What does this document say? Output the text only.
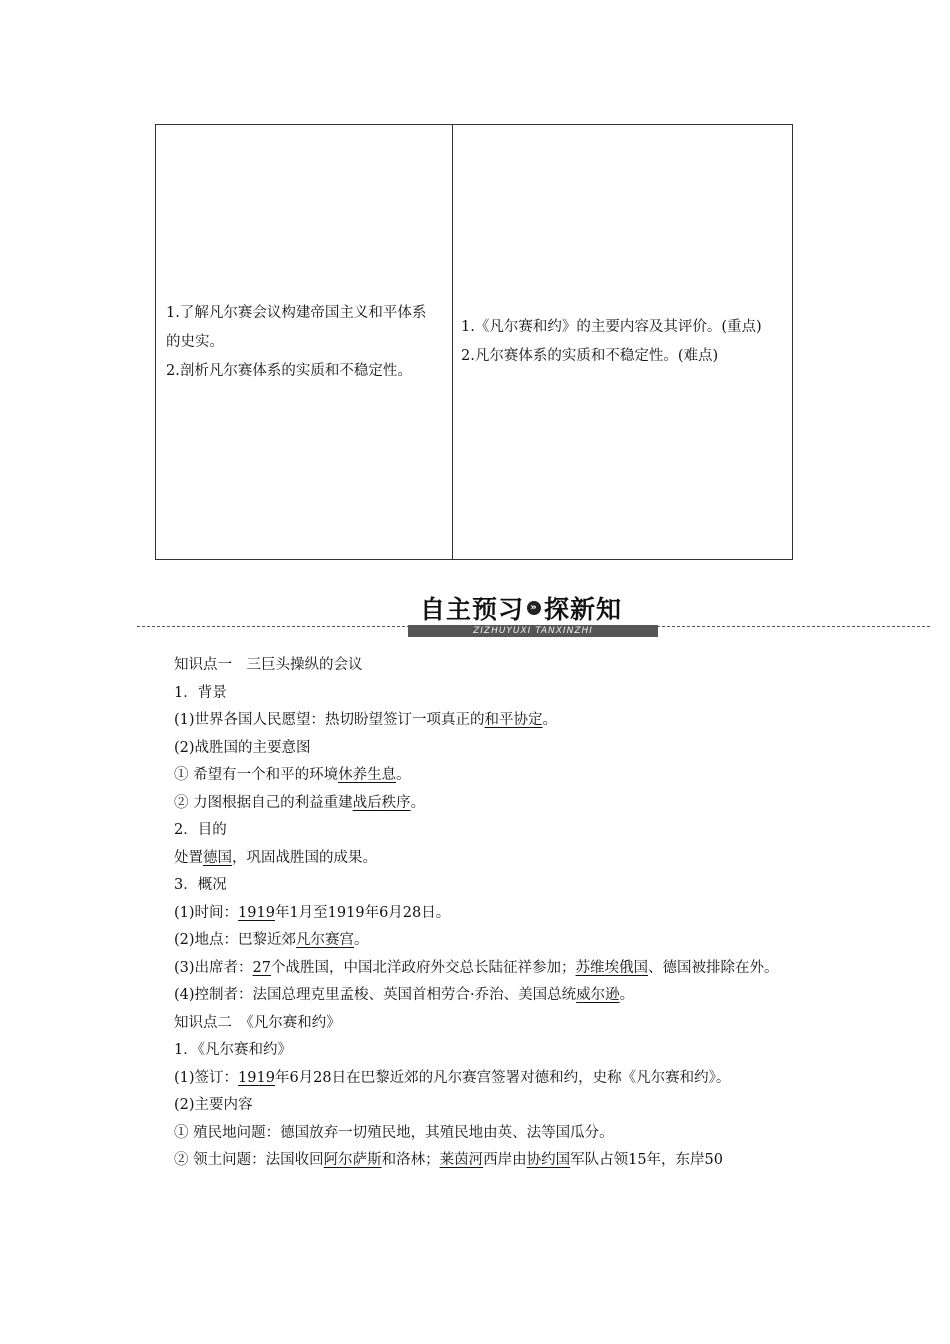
1.了解凡尔赛会议构建帝国主义和平体系的史实。

2.剖析凡尔赛体系的实质和不稳定性。

1.《凡尔赛和约》的主要内容及其评价。(重点)

2.凡尔赛体系的实质和不稳定性。(难点)

自主预习 » 探新知
ZIZHUYUXI TANXINZHI
知识点一　三巨头操纵的会议
1．背景
(1)世界各国人民愿望：热切盼望签订一项真正的和平协定。
(2)战胜国的主要意图
① 希望有一个和平的环境休养生息。
② 力图根据自己的利益重建战后秩序。
2．目的
处置德国，巩固战胜国的成果。
3．概况
(1)时间：1919年1月至1919年6月28日。
(2)地点：巴黎近郊凡尔赛宫。
(3)出席者：27个战胜国，中国北洋政府外交总长陆征祥参加；苏维埃俄国、德国被排除在外。
(4)控制者：法国总理克里孟梭、英国首相劳合·乔治、美国总统威尔逊。
知识点二　《凡尔赛和约》
1．《凡尔赛和约》
(1)签订：1919年6月28日在巴黎近郊的凡尔赛宫签署对德和约，史称《凡尔赛和约》。
(2)主要内容
① 殖民地问题：德国放弃一切殖民地，其殖民地由英、法等国瓜分。
② 领土问题：法国收回阿尔萨斯和洛林；莱茵河西岸由协约国军队占领15年，东岸50
